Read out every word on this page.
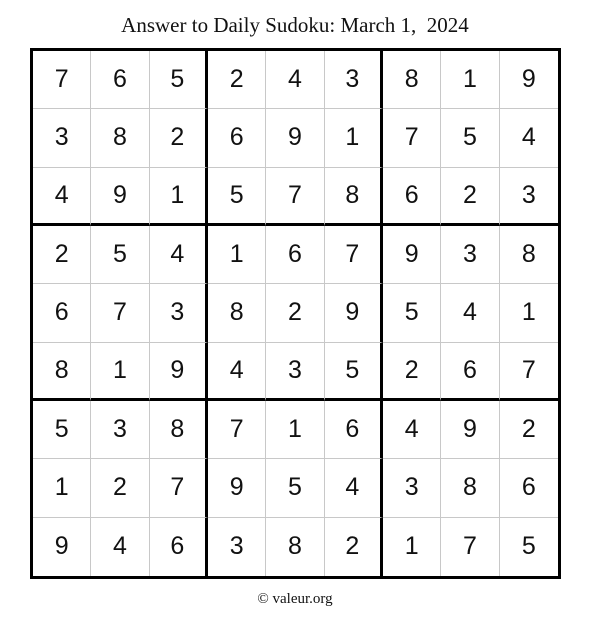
Answer to Daily Sudoku: March 1,  2024
7	6	5	2	4	3	8	1	9
3	8	2	6	9	1	7	5	4
4	9	1	5	7	8	6	2	3
2	5	4	1	6	7	9	3	8
6	7	3	8	2	9	5	4	1
8	1	9	4	3	5	2	6	7
5	3	8	7	1	6	4	9	2
1	2	7	9	5	4	3	8	6
9	4	6	3	8	2	1	7	5
© valeur.org
